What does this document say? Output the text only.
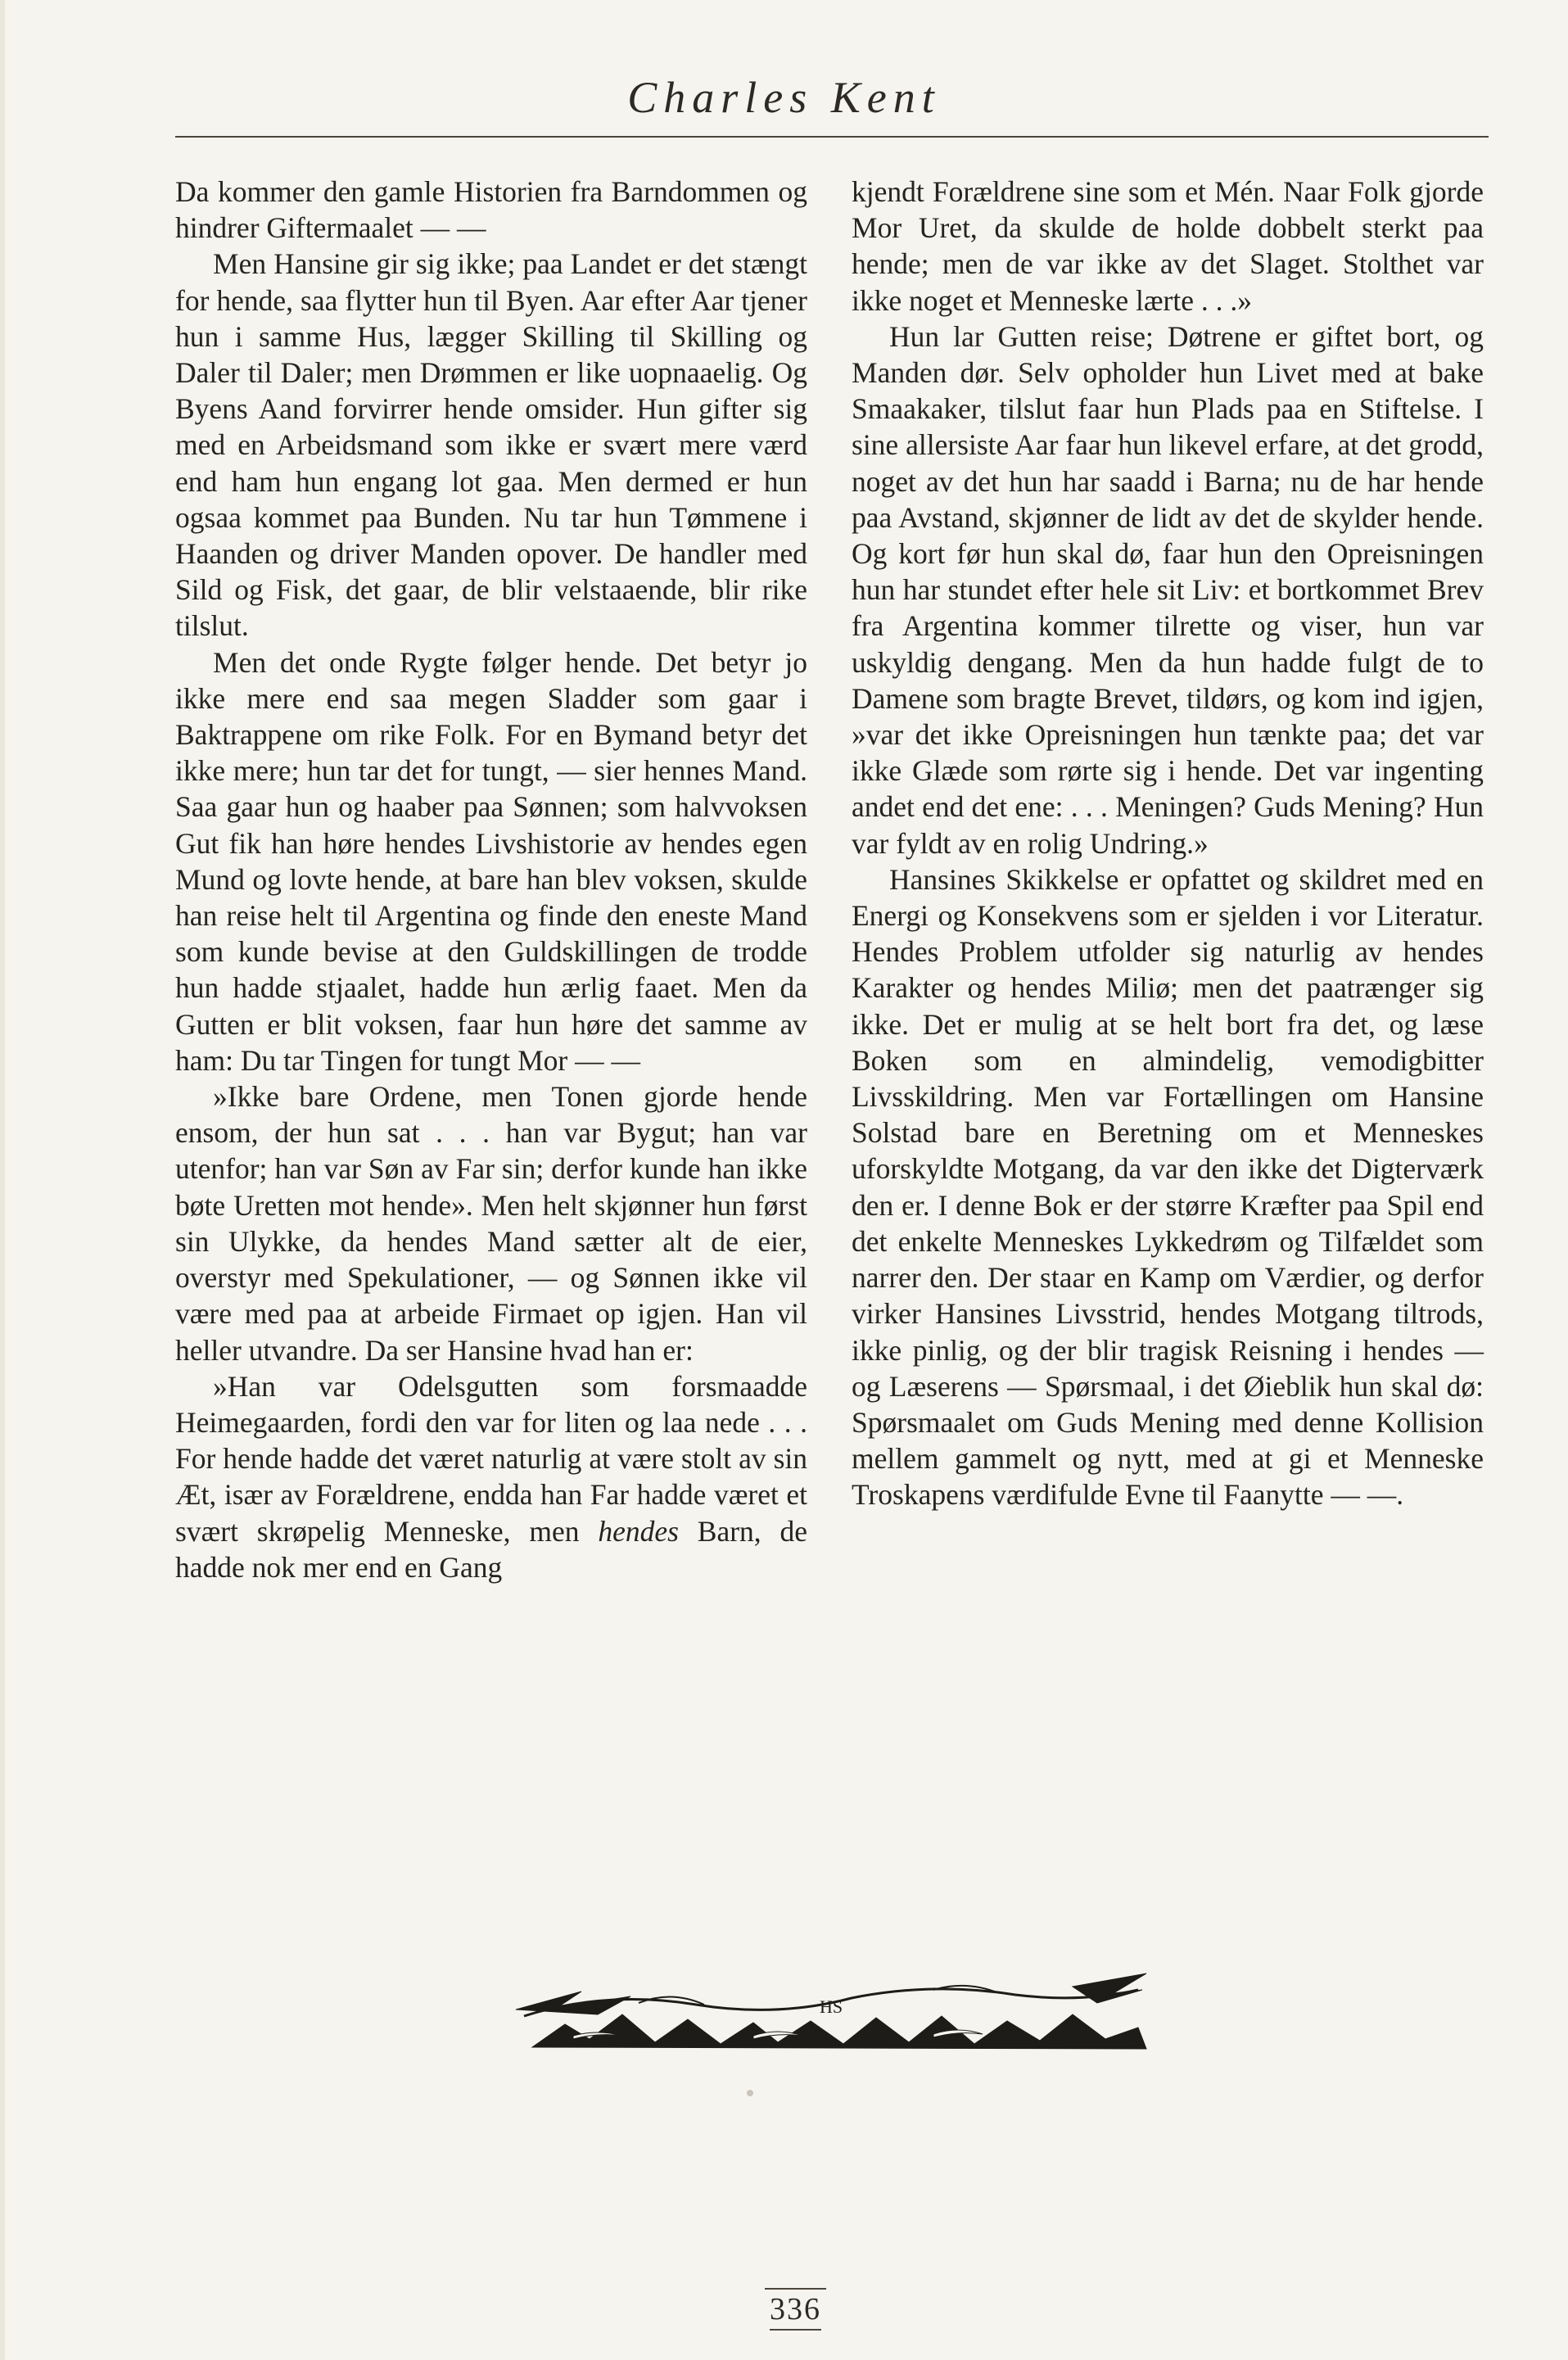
Charles Kent

Da kommer den gamle Historien fra Barndommen og hindrer Giftermaalet — —

Men Hansine gir sig ikke; paa Landet er det stængt for hende, saa flytter hun til Byen. Aar efter Aar tjener hun i samme Hus, lægger Skilling til Skilling og Daler til Daler; men Drømmen er like uopnaaelig. Og Byens Aand forvirrer hende omsider. Hun gifter sig med en Arbeidsmand som ikke er svært mere værd end ham hun engang lot gaa. Men dermed er hun ogsaa kommet paa Bunden. Nu tar hun Tømmene i Haanden og driver Manden opover. De handler med Sild og Fisk, det gaar, de blir velstaaende, blir rike tilslut.

Men det onde Rygte følger hende. Det betyr jo ikke mere end saa megen Sladder som gaar i Baktrappene om rike Folk. For en Bymand betyr det ikke mere; hun tar det for tungt, — sier hennes Mand. Saa gaar hun og haaber paa Sønnen; som halvvoksen Gut fik han høre hendes Livshistorie av hendes egen Mund og lovte hende, at bare han blev voksen, skulde han reise helt til Argentina og finde den eneste Mand som kunde bevise at den Guldskillingen de trodde hun hadde stjaalet, hadde hun ærlig faaet. Men da Gutten er blit voksen, faar hun høre det samme av ham: Du tar Tingen for tungt Mor — —

»Ikke bare Ordene, men Tonen gjorde hende ensom, der hun sat . . . han var Bygut; han var utenfor; han var Søn av Far sin; derfor kunde han ikke bøte Uretten mot hende». Men helt skjønner hun først sin Ulykke, da hendes Mand sætter alt de eier, overstyr med Spekulationer, — og Sønnen ikke vil være med paa at arbeide Firmaet op igjen. Han vil heller utvandre. Da ser Hansine hvad han er:

»Han var Odelsgutten som forsmaadde Heimegaarden, fordi den var for liten og laa nede . . . For hende hadde det været naturlig at være stolt av sin Æt, især av Forældrene, endda han Far hadde været et svært skrøpelig Menneske, men hendes Barn, de hadde nok mer end en Gang

kjendt Forældrene sine som et Mén. Naar Folk gjorde Mor Uret, da skulde de holde dobbelt sterkt paa hende; men de var ikke av det Slaget. Stolthet var ikke noget et Menneske lærte . . .»

Hun lar Gutten reise; Døtrene er giftet bort, og Manden dør. Selv opholder hun Livet med at bake Smaakaker, tilslut faar hun Plads paa en Stiftelse. I sine allersiste Aar faar hun likevel erfare, at det grodd, noget av det hun har saadd i Barna; nu de har hende paa Avstand, skjønner de lidt av det de skylder hende. Og kort før hun skal dø, faar hun den Opreisningen hun har stundet efter hele sit Liv: et bortkommet Brev fra Argentina kommer tilrette og viser, hun var uskyldig dengang. Men da hun hadde fulgt de to Damene som bragte Brevet, tildørs, og kom ind igjen, »var det ikke Opreisningen hun tænkte paa; det var ikke Glæde som rørte sig i hende. Det var ingenting andet end det ene: . . . Meningen? Guds Mening? Hun var fyldt av en rolig Undring.»

Hansines Skikkelse er opfattet og skildret med en Energi og Konsekvens som er sjelden i vor Literatur. Hendes Problem utfolder sig naturlig av hendes Karakter og hendes Miliø; men det paatrænger sig ikke. Det er mulig at se helt bort fra det, og læse Boken som en almindelig, vemodigbitter Livsskildring. Men var Fortællingen om Hansine Solstad bare en Beretning om et Menneskes uforskyldte Motgang, da var den ikke det Digterværk den er. I denne Bok er der større Kræfter paa Spil end det enkelte Menneskes Lykkedrøm og Tilfældet som narrer den. Der staar en Kamp om Værdier, og derfor virker Hansines Livsstrid, hendes Motgang tiltrods, ikke pinlig, og der blir tragisk Reisning i hendes — og Læserens — Spørsmaal, i det Øieblik hun skal dø: Spørsmaalet om Guds Mening med denne Kollision mellem gammelt og nytt, med at gi et Menneske Troskapens værdifulde Evne til Faanytte — —.

HS
336
